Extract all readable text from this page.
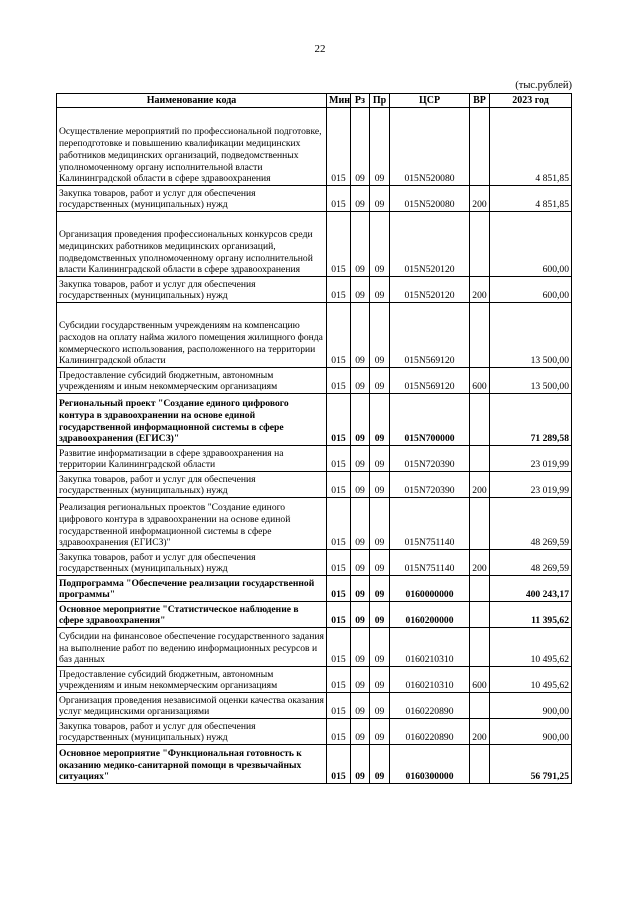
22
(тыс.рублей)
Наименование кода	Мин	Рз	Пр	ЦСР	ВР	2023 год
Осуществление мероприятий по профессиональной подготовке, переподготовке и повышению квалификации медицинских работников медицинских организаций, подведомственных уполномоченному органу исполнительной власти Калининградской области в сфере здравоохранения	015	09	09	015N520080		4 851,85
Закупка товаров, работ и услуг для обеспечения государственных (муниципальных) нужд	015	09	09	015N520080	200	4 851,85
Организация проведения профессиональных конкурсов среди медицинских работников медицинских организаций, подведомственных уполномоченному органу исполнительной власти Калининградской области в сфере здравоохранения	015	09	09	015N520120		600,00
Закупка товаров, работ и услуг для обеспечения государственных (муниципальных) нужд	015	09	09	015N520120	200	600,00
Субсидии государственным учреждениям на компенсацию расходов на оплату найма жилого помещения жилищного фонда коммерческого использования, расположенного на территории Калининградской области	015	09	09	015N569120		13 500,00
Предоставление субсидий бюджетным, автономным учреждениям и иным некоммерческим организациям	015	09	09	015N569120	600	13 500,00
Региональный проект "Создание единого цифрового контура в здравоохранении на основе единой государственной информационной системы в сфере здравоохранения (ЕГИСЗ)"	015	09	09	015N700000		71 289,58
Развитие информатизации в сфере здравоохранения на территории Калининградской области	015	09	09	015N720390		23 019,99
Закупка товаров, работ и услуг для обеспечения государственных (муниципальных) нужд	015	09	09	015N720390	200	23 019,99
Реализация региональных проектов "Создание единого цифрового контура в здравоохранении на основе единой государственной информационной системы в сфере здравоохранения (ЕГИСЗ)"	015	09	09	015N751140		48 269,59
Закупка товаров, работ и услуг для обеспечения государственных (муниципальных) нужд	015	09	09	015N751140	200	48 269,59
Подпрограмма "Обеспечение реализации государственной программы"	015	09	09	0160000000		400 243,17
Основное мероприятие "Статистическое наблюдение в сфере здравоохранения"	015	09	09	0160200000		11 395,62
Субсидии на финансовое обеспечение государственного задания на выполнение работ по ведению информационных ресурсов и баз данных	015	09	09	0160210310		10 495,62
Предоставление субсидий бюджетным, автономным учреждениям и иным некоммерческим организациям	015	09	09	0160210310	600	10 495,62
Организация проведения независимой оценки качества оказания услуг медицинскими организациями	015	09	09	0160220890		900,00
Закупка товаров, работ и услуг для обеспечения государственных (муниципальных) нужд	015	09	09	0160220890	200	900,00
Основное мероприятие "Функциональная готовность к оказанию медико-санитарной помощи в чрезвычайных ситуациях"	015	09	09	0160300000		56 791,25
